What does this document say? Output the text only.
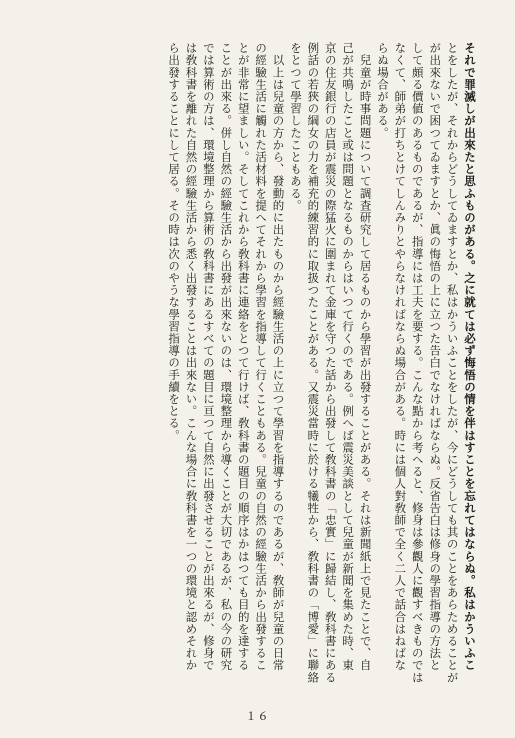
それで罪滅しが出來たと思ふものがある。之に就ては必ず悔悟の情を伴はすことを忘れてはならぬ。私はかういふこ
とをしたが、それからどうしてゐますとか、私はかういふことをしたが、今にどうしても其のことをあらためることが
が出來ないで困つてゐますとか、眞の悔悟の上に立つた告白でなければならぬ。反省告白は修身の學習指導の方法と
して頗る價値のあるものであるが、指導には工夫を要する。こんな點から考へると、修身は參觀人に觀すべきものでは
なくて、師弟が打ちとけてしんみりとやらなければならぬ場合がある。時には個人對敎師で全く二人で話合はねばな
らぬ場合がある。
　兒童が時事問題について調査研究して居るものから學習が出發することがある。それは新聞紙上で見たことで、自
己が共鳴したこと或は問題となるものからはいつて行くのである。例へば震災美談として兒童が新聞を集めた時、東
京の住友銀行の店員が震災の際猛火に圍まれて金庫を守つた話から出發して敎科書の「忠實」に歸結し、敎科書にある
例話の若狹の綱女の力を補充的練習的に取扱つたことがある。又震災當時に於ける犧牲から、敎科書の「博愛」に聯絡
をとつて學習したこともある。
　以上は兒童の方から、發動的に出たものから經驗生活の上に立つて學習を指導するのであるが、敎師が兒童の日常
の經驗生活に觸れた活材料を提へてそれから學習を指導して行くこともある。兒童の自然の經驗生活から出發するこ
とが非常に望ましい。そしてこれから敎科書に連絡をとつて行けば、敎科書の題目の順序はかはつても目的を達する
ことが出來る。併し自然の經驗生活から出發が出來ないのは、環境整理から導くことが大切であるが、私の今の研究
では算術の方は、環境整理から算術の敎科書にあるすべての題目に亘つて自然に出發させることが出來るが、修身で
は敎科書を離れた自然の經驗生活から悉く出發することは出來ない。こんな場合に敎科書を一つの環境と認めそれか
ら出發することにして居る。その時は次のやうな學習指導の手續をとる。
１６
